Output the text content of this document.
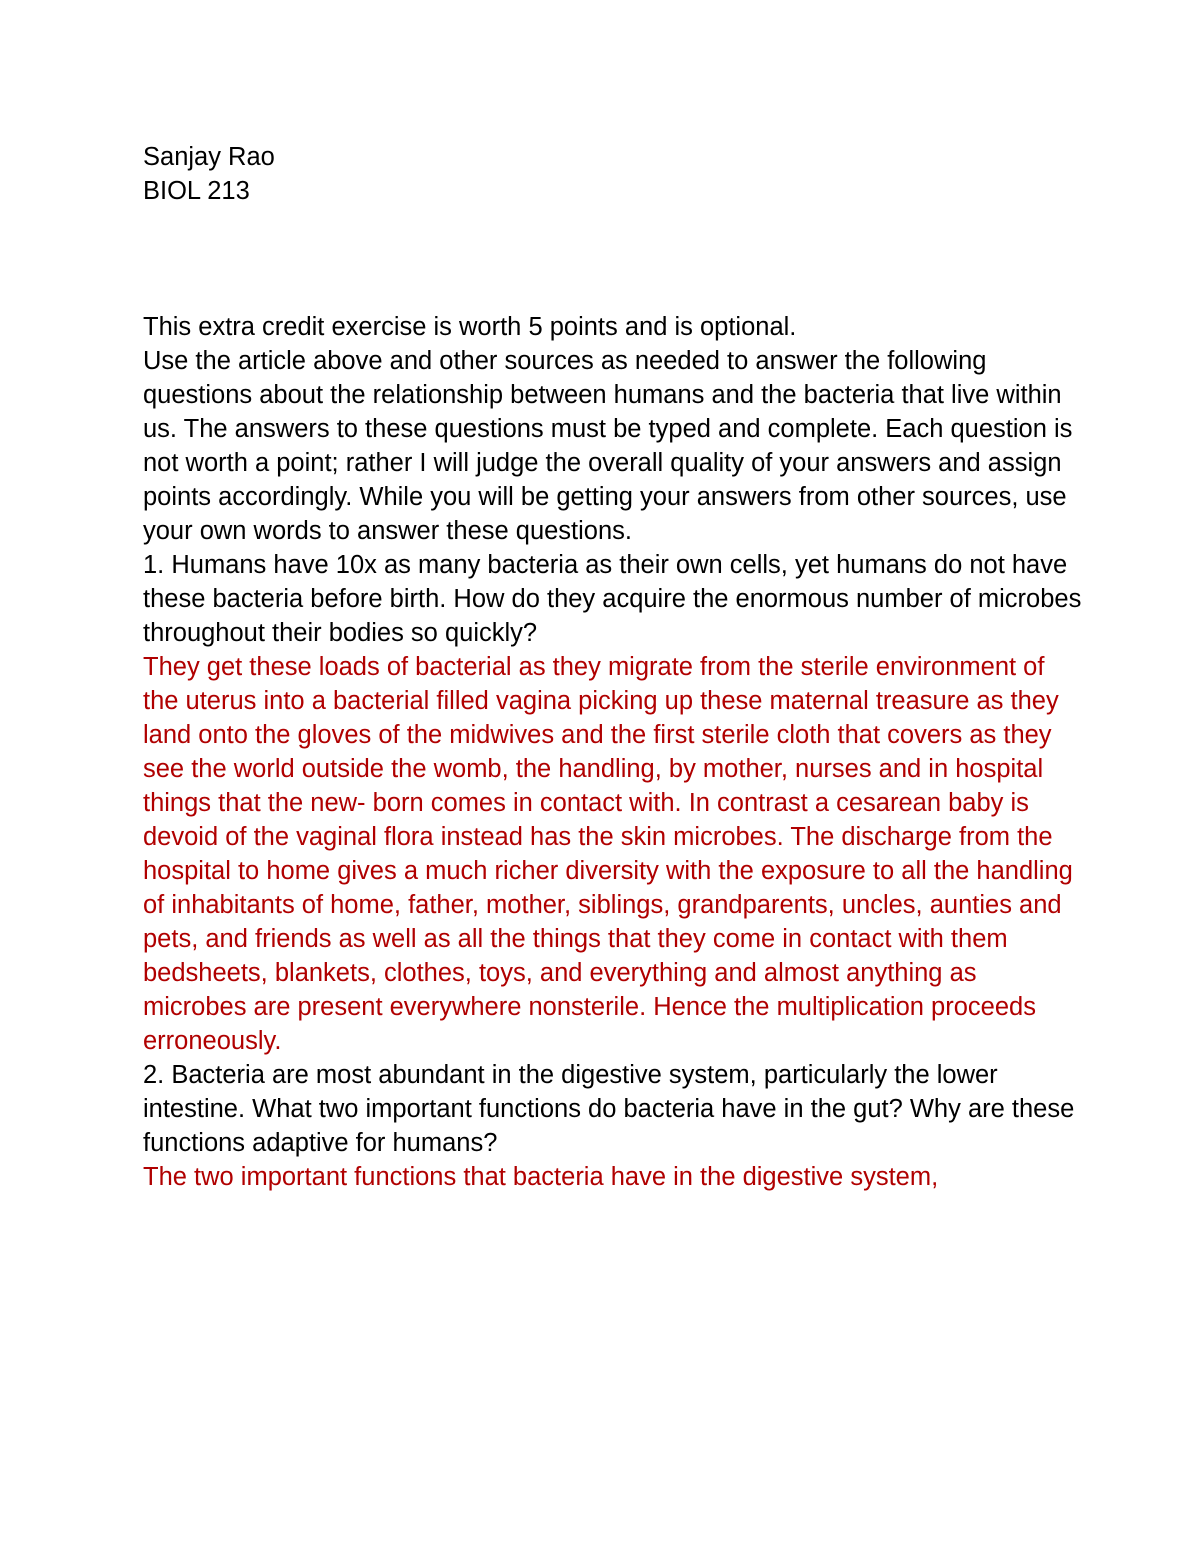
Sanjay Rao

BIOL 213

This extra credit exercise is worth 5 points and is optional.

Use the article above and other sources as needed to answer the following questions about the relationship between humans and the bacteria that live within us. The answers to these questions must be typed and complete. Each question is not worth a point; rather I will judge the overall quality of your answers and assign points accordingly. While you will be getting your answers from other sources, use your own words to answer these questions.

1. Humans have 10x as many bacteria as their own cells, yet humans do not have these bacteria before birth. How do they acquire the enormous number of microbes throughout their bodies so quickly?

They get these loads of bacterial as they migrate from the sterile environment of the uterus into a bacterial filled vagina picking up these maternal treasure as they land onto the gloves of the midwives and the first sterile cloth that covers as they see the world outside the womb, the handling, by mother, nurses and in hospital things that the new- born comes in contact with. In contrast a cesarean baby is devoid of the vaginal flora instead has the skin microbes. The discharge from the hospital to home gives a much richer diversity with the exposure to all the handling of inhabitants of home, father, mother, siblings, grandparents, uncles, aunties and pets, and friends as well as all the things that they come in contact with them bedsheets, blankets, clothes, toys, and everything and almost anything as microbes are present everywhere nonsterile. Hence the multiplication proceeds erroneously.

2. Bacteria are most abundant in the digestive system, particularly the lower intestine. What two important functions do bacteria have in the gut? Why are these functions adaptive for humans?

The two important functions that bacteria have in the digestive system,
